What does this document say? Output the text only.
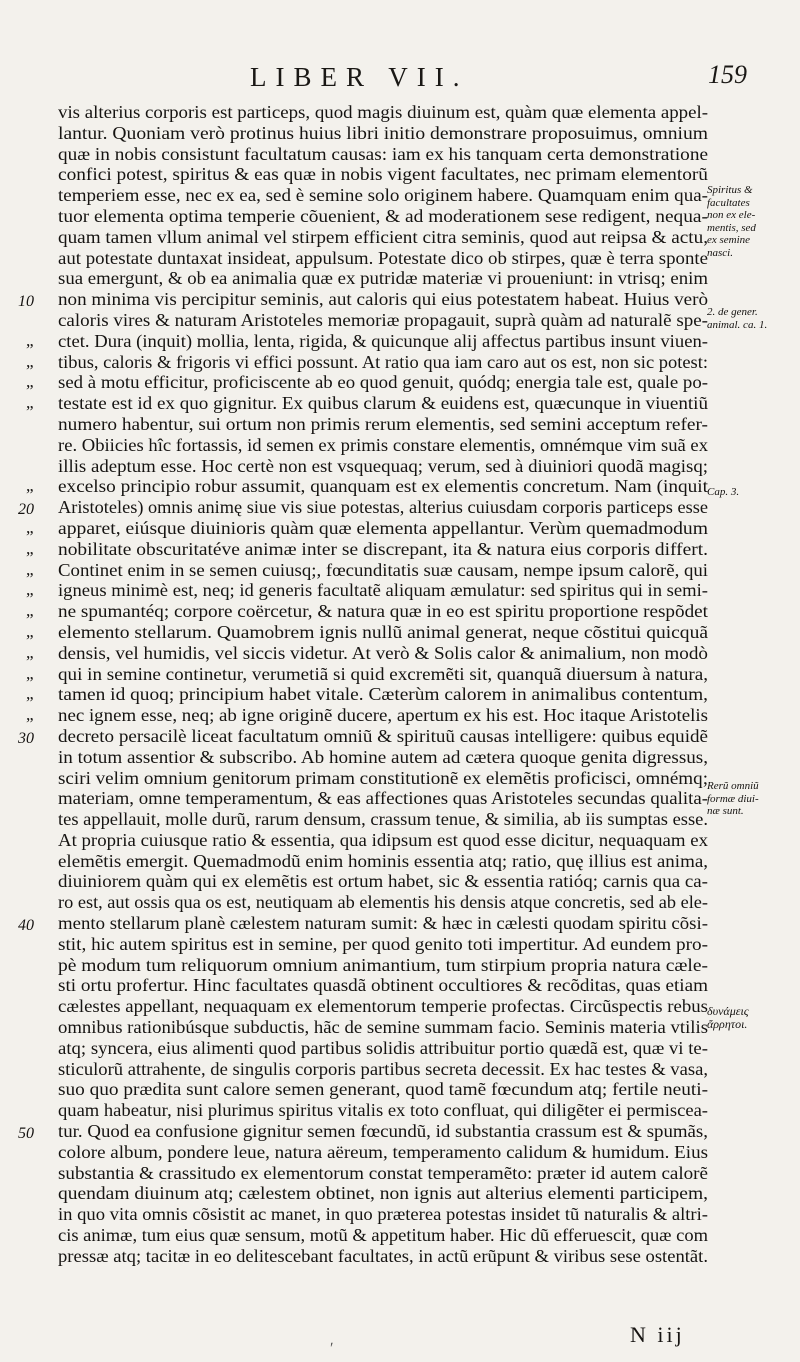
LIBER VII.	159
vis alterius corporis est particeps, quod magis diuinum est, quàm quæ elementa appel-
lantur. Quoniam verò protinus huius libri initio demonstrare proposuimus, omnium
quæ in nobis consistunt facultatum causas: iam ex his tanquam certa demonstratione
confici potest, spiritus & eas quæ in nobis vigent facultates, nec primam elementorũ
temperiem esse, nec ex ea, sed è semine solo originem habere. Quamquam enim qua-
tuor elementa optima temperie cõuenient, & ad moderationem sese redigent, nequa-
quam tamen vllum animal vel stirpem efficient citra seminis, quod aut reipsa & actu,
aut potestate duntaxat insideat, appulsum. Potestate dico ob stirpes, quæ è terra sponte
sua emergunt, & ob ea animalia quæ ex putridæ materiæ vi proueniunt: in vtrisq; enim
10 non minima vis percipitur seminis, aut caloris qui eius potestatem habeat. Huius verò
caloris vires & naturam Aristoteles memoriæ propagauit, suprà quàm ad naturalẽ spe-
„ ctet. Dura (inquit) mollia, lenta, rigida, & quicunque alij affectus partibus insunt viuen-
„ tibus, caloris & frigoris vi effici possunt. At ratio qua iam caro aut os est, non sic potest:
„ sed à motu efficitur, proficiscente ab eo quod genuit, quódq; energia tale est, quale po-
„ testate est id ex quo gignitur. Ex quibus clarum & euidens est, quæcunque in viuentiũ
numero habentur, sui ortum non primis rerum elementis, sed semini acceptum refer-
re. Obiicies hîc fortassis, id semen ex primis constare elementis, omnémque vim suã ex
illis adeptum esse. Hoc certè non est vsquequaq; verum, sed à diuiniori quodã magisq;
„ excelso principio robur assumit, quanquam est ex elementis concretum. Nam (inquit
20 Aristoteles) omnis animę siue vis siue potestas, alterius cuiusdam corporis particeps esse
„ apparet, eiúsque diuinioris quàm quæ elementa appellantur. Verùm quemadmodum
„ nobilitate obscuritatéve animæ inter se discrepant, ita & natura eius corporis differt.
„ Continet enim in se semen cuiusq;, fœcunditatis suæ causam, nempe ipsum calorẽ, qui
„ igneus minimè est, neq; id generis facultatẽ aliquam æmulatur: sed spiritus qui in semi-
„ ne spumantéq; corpore coërcetur, & natura quæ in eo est spiritu proportione respõdet
„ elemento stellarum. Quamobrem ignis nullũ animal generat, neque cõstitui quicquã
„ densis, vel humidis, vel siccis videtur. At verò & Solis calor & animalium, non modò
„ qui in semine continetur, verumetiã si quid excremẽti sit, quanquã diuersum à natura,
„ tamen id quoq; principium habet vitale. Cæterùm calorem in animalibus contentum,
„ nec ignem esse, neq; ab igne originẽ ducere, apertum ex his est. Hoc itaque Aristotelis
30 decreto persacilè liceat facultatum omniũ & spirituũ causas intelligere: quibus equidẽ
in totum assentior & subscribo. Ab homine autem ad cætera quoque genita digressus,
sciri velim omnium genitorum primam constitutionẽ ex elemẽtis proficisci, omnémq;
materiam, omne temperamentum, & eas affectiones quas Aristoteles secundas qualita-
tes appellauit, molle durũ, rarum densum, crassum tenue, & similia, ab iis sumptas esse.
At propria cuiusque ratio & essentia, qua idipsum est quod esse dicitur, nequaquam ex
elemẽtis emergit. Quemadmodũ enim hominis essentia atq; ratio, quę illius est anima,
diuiniorem quàm qui ex elemẽtis est ortum habet, sic & essentia ratióq; carnis qua ca-
ro est, aut ossis qua os est, neutiquam ab elementis his densis atque concretis, sed ab ele-
40 mento stellarum planè cælestem naturam sumit: & hæc in cælesti quodam spiritu cõsi-
stit, hic autem spiritus est in semine, per quod genito toti impertitur. Ad eundem pro-
pè modum tum reliquorum omnium animantium, tum stirpium propria natura cæle-
sti ortu profertur. Hinc facultates quasdã obtinent occultiores & recõditas, quas etiam
cælestes appellant, nequaquam ex elementorum temperie profectas. Circũspectis rebus
omnibus rationibúsque subductis, hãc de semine summam facio. Seminis materia vtilis
atq; syncera, eius alimenti quod partibus solidis attribuitur portio quædã est, quæ vi te-
sticulorũ attrahente, de singulis corporis partibus secreta decessit. Ex hac testes & vasa,
suo quo prædita sunt calore semen generant, quod tamẽ fœcundum atq; fertile neuti-
quam habeatur, nisi plurimus spiritus vitalis ex toto confluat, qui diligẽter ei permisceа-
50 tur. Quod ea confusione gignitur semen fœcundũ, id substantia crassum est & spumãs,
colore album, pondere leue, natura aëreum, temperamento calidum & humidum. Eius
substantia & crassitudo ex elementorum constat temperamẽto: præter id autem calorẽ
quendam diuinum atq; cælestem obtinet, non ignis aut alterius elementi participem,
in quo vita omnis cõsistit ac manet, in quo præterea potestas insidet tũ naturalis & altri-
cis animæ, tum eius quæ sensum, motũ & appetitum haber. Hic dũ efferuescit, quæ com
pressæ atq; tacitæ in eo delitescebant facultates, in actũ erũpunt & viribus sese ostentãt.
Spiritus &
facultates
non ex ele-
mentis, sed
ex semine
nasci.
2. de gener.
animal. ca. 1.
Cap. 3.
Rerũ omniũ
formæ diui-
næ sunt.
δυνάμεις
ἄρρητοι.
ʹ
N iij
